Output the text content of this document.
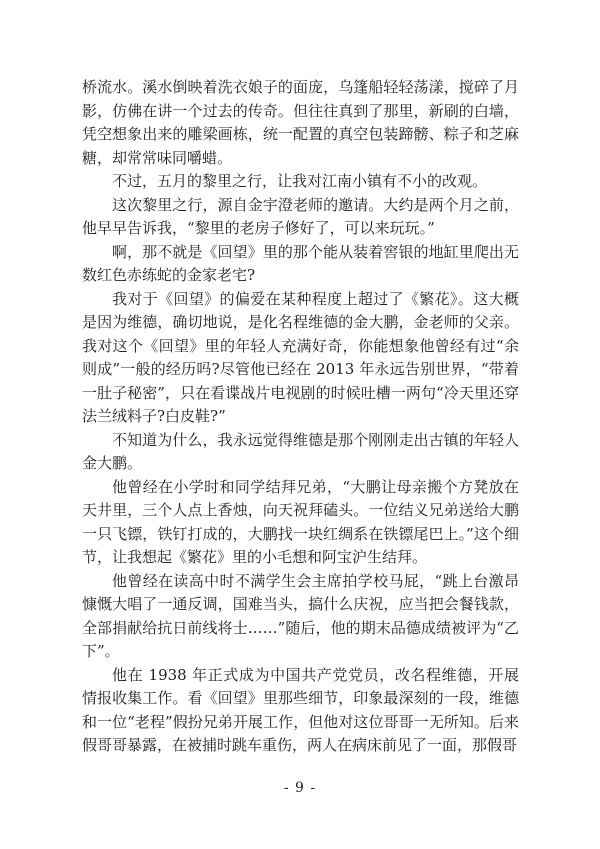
桥流水。溪水倒映着洗衣娘子的面庞，乌篷船轻轻荡漾，搅碎了月影，仿佛在讲一个过去的传奇。但往往真到了那里，新刷的白墙，凭空想象出来的雕梁画栋，统一配置的真空包装蹄髈、粽子和芝麻糖，却常常味同嚼蜡。

不过，五月的黎里之行，让我对江南小镇有不小的改观。

这次黎里之行，源自金宇澄老师的邀请。大约是两个月之前，他早早告诉我，“黎里的老房子修好了，可以来玩玩。”

啊，那不就是《回望》里的那个能从装着窖银的地缸里爬出无数红色赤练蛇的金家老宅?

我对于《回望》的偏爱在某种程度上超过了《繁花》。这大概是因为维德，确切地说，是化名程维德的金大鹏，金老师的父亲。我对这个《回望》里的年轻人充满好奇，你能想象他曾经有过“余则成”一般的经历吗?尽管他已经在 2013 年永远告别世界，“带着一肚子秘密”，只在看谍战片电视剧的时候吐槽一两句“冷天里还穿法兰绒料子?白皮鞋?”

不知道为什么，我永远觉得维德是那个刚刚走出古镇的年轻人金大鹏。

他曾经在小学时和同学结拜兄弟，“大鹏让母亲搬个方凳放在天井里，三个人点上香烛，向天祝拜磕头。一位结义兄弟送给大鹏一只飞镖，铁钉打成的，大鹏找一块红绸系在铁镖尾巴上。”这个细节，让我想起《繁花》里的小毛想和阿宝沪生结拜。

他曾经在读高中时不满学生会主席拍学校马屁，“跳上台激昂慷慨大唱了一通反调，国难当头，搞什么庆祝，应当把会餐钱款，全部捐献给抗日前线将士……”随后，他的期末品德成绩被评为“乙下”。

他在 1938 年正式成为中国共产党党员，改名程维德，开展情报收集工作。看《回望》里那些细节，印象最深刻的一段，维德和一位“老程”假扮兄弟开展工作，但他对这位哥哥一无所知。后来假哥哥暴露，在被捕时跳车重伤，两人在病床前见了一面，那假哥

- 9 -
